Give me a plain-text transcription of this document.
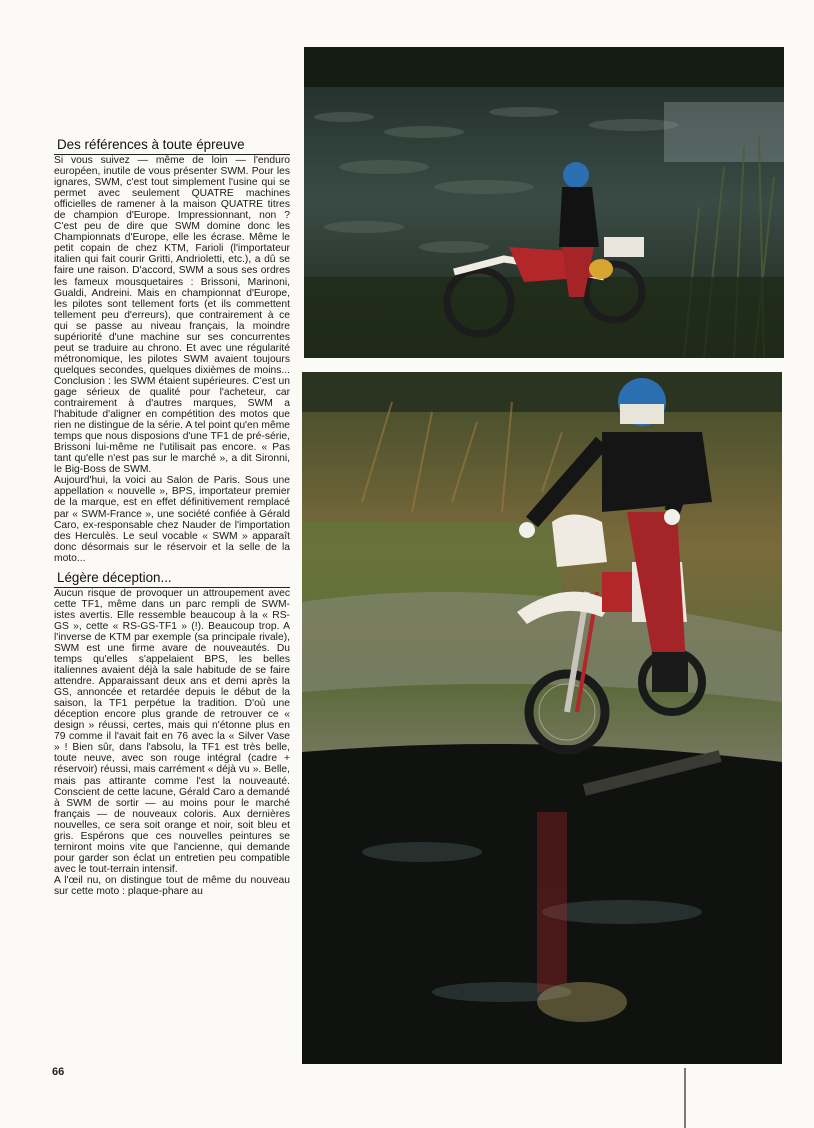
Des références à toute épreuve

Si vous suivez — même de loin — l'enduro européen, inutile de vous présenter SWM. Pour les ignares, SWM, c'est tout simplement l'usine qui se permet avec seulement QUATRE machines officielles de ramener à la maison QUATRE titres de champion d'Europe. Impressionnant, non ? C'est peu de dire que SWM domine donc les Championnats d'Europe, elle les écrase. Même le petit copain de chez KTM, Farioli (l'importateur italien qui fait courir Gritti, Andrioletti, etc.), a dû se faire une raison. D'accord, SWM a sous ses ordres les fameux mousquetaires : Brissoni, Marinoni, Gualdi, Andreini. Mais en championnat d'Europe, les pilotes sont tellement forts (et ils commettent tellement peu d'erreurs), que contrairement à ce qui se passe au niveau français, la moindre supériorité d'une machine sur ses concurrentes peut se traduire au chrono. Et avec une régularité métronomique, les pilotes SWM avaient toujours quelques secondes, quelques dixièmes de moins... Conclusion : les SWM étaient supérieures. C'est un gage sérieux de qualité pour l'acheteur, car contrairement à d'autres marques, SWM a l'habitude d'aligner en compétition des motos que rien ne distingue de la série. A tel point qu'en même temps que nous disposions d'une TF1 de pré-série, Brissoni lui-même ne l'utilisait pas encore. « Pas tant qu'elle n'est pas sur le marché », a dit Sironni, le Big-Boss de SWM.
Aujourd'hui, la voici au Salon de Paris. Sous une appellation « nouvelle », BPS, importateur premier de la marque, est en effet définitivement remplacé par « SWM-France », une société confiée à Gérald Caro, ex-responsable chez Nauder de l'importation des Herculès. Le seul vocable « SWM » apparaît donc désormais sur le réservoir et la selle de la moto...

Légère déception...

Aucun risque de provoquer un attroupement avec cette TF1, même dans un parc rempli de SWM-istes avertis. Elle ressemble beaucoup à la « RS-GS », cette « RS-GS-TF1 » (!). Beaucoup trop. A l'inverse de KTM par exemple (sa principale rivale), SWM est une firme avare de nouveautés. Du temps qu'elles s'appelaient BPS, les belles italiennes avaient déjà la sale habitude de se faire attendre. Apparaissant deux ans et demi après la GS, annoncée et retardée depuis le début de la saison, la TF1 perpétue la tradition. D'où une déception encore plus grande de retrouver ce « design » réussi, certes, mais qui n'étonne plus en 79 comme il l'avait fait en 76 avec la « Silver Vase » ! Bien sûr, dans l'absolu, la TF1 est très belle, toute neuve, avec son rouge intégral (cadre + réservoir) réussi, mais carrément « déjà vu ». Belle, mais pas attirante comme l'est la nouveauté. Conscient de cette lacune, Gérald Caro a demandé à SWM de sortir — au moins pour le marché français — de nouveaux coloris. Aux dernières nouvelles, ce sera soit orange et noir, soit bleu et gris. Espérons que ces nouvelles peintures se terniront moins vite que l'ancienne, qui demande pour garder son éclat un entretien peu compatible avec le tout-terrain intensif.
A l'œil nu, on distingue tout de même du nouveau sur cette moto : plaque-phare au

66
